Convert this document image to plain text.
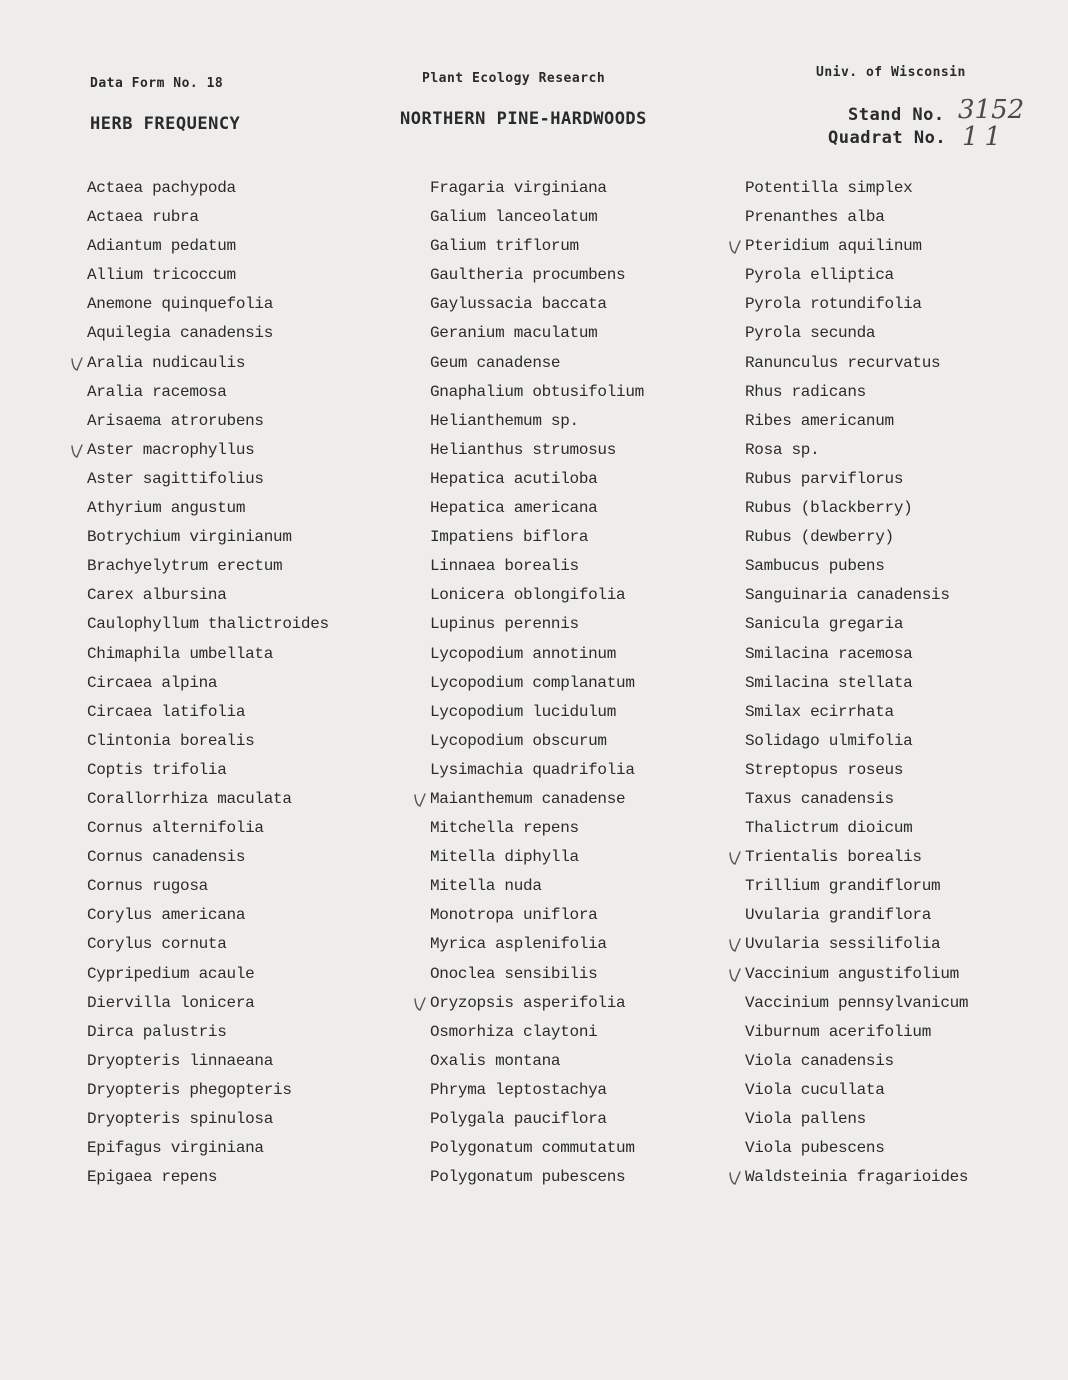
Data Form No. 18
HERB FREQUENCY
Plant Ecology Research
NORTHERN PINE-HARDWOODS
Univ. of Wisconsin
Stand No. 3152
Quadrat No. 11
Actaea pachypoda
Actaea rubra
Adiantum pedatum
Allium tricoccum
Anemone quinquefolia
Aquilegia canadensis
Aralia nudicaulis
Aralia racemosa
Arisaema atrorubens
Aster macrophyllus
Aster sagittifolius
Athyrium angustum
Botrychium virginianum
Brachyelytrum erectum
Carex albursina
Caulophyllum thalictroides
Chimaphila umbellata
Circaea alpina
Circaea latifolia
Clintonia borealis
Coptis trifolia
Corallorrhiza maculata
Cornus alternifolia
Cornus canadensis
Cornus rugosa
Corylus americana
Corylus cornuta
Cypripedium acaule
Diervilla lonicera
Dirca palustris
Dryopteris linnaeana
Dryopteris phegopteris
Dryopteris spinulosa
Epifagus virginiana
Epigaea repens
Fragaria virginiana
Galium lanceolatum
Galium triflorum
Gaultheria procumbens
Gaylussacia baccata
Geranium maculatum
Geum canadense
Gnaphalium obtusifolium
Helianthemum sp.
Helianthus strumosus
Hepatica acutiloba
Hepatica americana
Impatiens biflora
Linnaea borealis
Lonicera oblongifolia
Lupinus perennis
Lycopodium annotinum
Lycopodium complanatum
Lycopodium lucidulum
Lycopodium obscurum
Lysimachia quadrifolia
Maianthemum canadense
Mitchella repens
Mitella diphylla
Mitella nuda
Monotropa uniflora
Myrica asplenifolia
Onoclea sensibilis
Oryzopsis asperifolia
Osmorhiza claytoni
Oxalis montana
Phryma leptostachya
Polygala pauciflora
Polygonatum commutatum
Polygonatum pubescens
Potentilla simplex
Prenanthes alba
Pteridium aquilinum
Pyrola elliptica
Pyrola rotundifolia
Pyrola secunda
Ranunculus recurvatus
Rhus radicans
Ribes americanum
Rosa sp.
Rubus parviflorus
Rubus (blackberry)
Rubus (dewberry)
Sambucus pubens
Sanguinaria canadensis
Sanicula gregaria
Smilacina racemosa
Smilacina stellata
Smilax ecirrhata
Solidago ulmifolia
Streptopus roseus
Taxus canadensis
Thalictrum dioicum
Trientalis borealis
Trillium grandiflorum
Uvularia grandiflora
Uvularia sessilifolia
Vaccinium angustifolium
Vaccinium pennsylvanicum
Viburnum acerifolium
Viola canadensis
Viola cucullata
Viola pallens
Viola pubescens
Waldsteinia fragarioides
